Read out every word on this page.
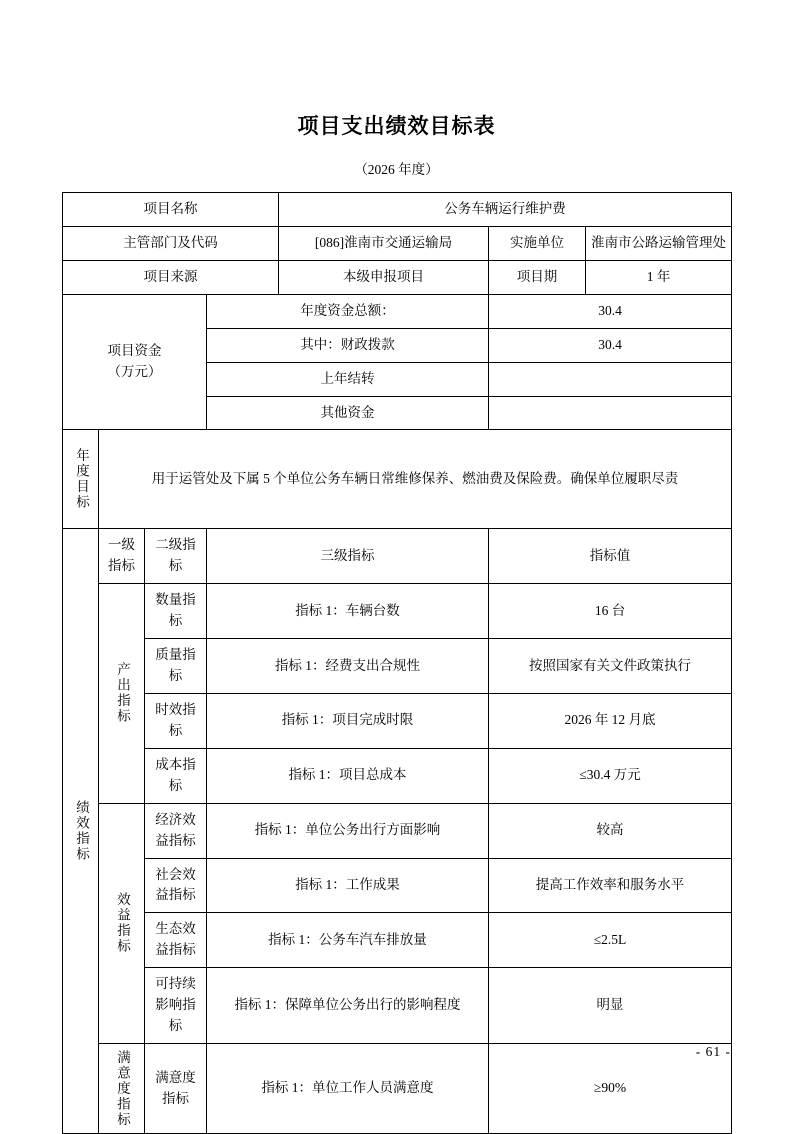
项目支出绩效目标表
（2026 年度）
项目名称	公务车辆运行维护费

主管部门及代码	[086]淮南市交通运输局		实施单位	淮南市公路运输管理处

项目来源	本级申报项目		项目期	1 年

项目资金
（万元）
	年度资金总额：	30.4
其中：财政拨款	30.4
上年结转	
其他资金	
年度目标	用于运管处及下属 5 个单位公务车辆日常维修保养、燃油费及保险费。确保单位履职尽责
绩效指标	一级指标	二级指标	三级指标	指标值
产出指标	数量指标	指标 1：车辆台数	16 台
质量指标	指标 1：经费支出合规性	按照国家有关文件政策执行
时效指标	指标 1：项目完成时限	2026 年 12 月底
成本指标	指标 1：项目总成本	≤30.4 万元
效益指标	经济效益指标	指标 1：单位公务出行方面影响	较高
社会效益指标	指标 1：工作成果	提高工作效率和服务水平
生态效益指标	指标 1：公务车汽车排放量	≤2.5L
可持续影响指标	指标 1：保障单位公务出行的影响程度	明显
满意度指标	满意度指标	指标 1：单位工作人员满意度	≥90%
- 61 -
